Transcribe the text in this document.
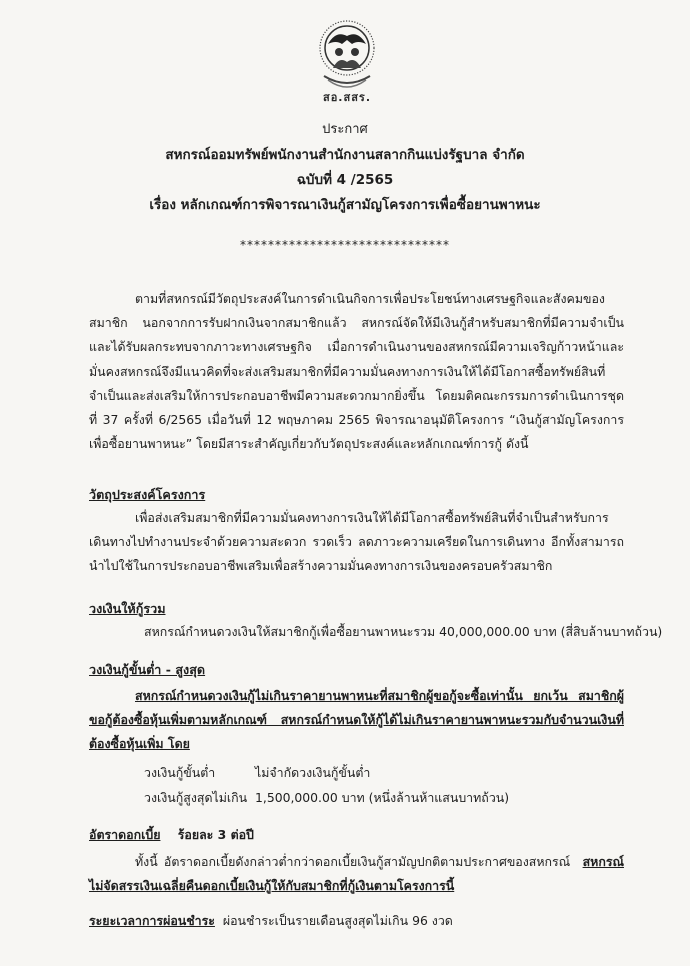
สอ.สสร.
ประกาศ
สหกรณ์ออมทรัพย์พนักงานสำนักงานสลากกินแบ่งรัฐบาล จำกัด
ฉบับที่ 4 /2565
เรื่อง หลักเกณฑ์การพิจารณาเงินกู้สามัญโครงการเพื่อซื้อยานพาหนะ
******************************
ตามที่สหกรณ์มีวัตถุประสงค์ในการดำเนินกิจการเพื่อประโยชน์ทางเศรษฐกิจและสังคมของสมาชิก นอกจากการรับฝากเงินจากสมาชิกแล้ว สหกรณ์จัดให้มีเงินกู้สำหรับสมาชิกที่มีความจำเป็นและได้รับผลกระทบจากภาวะทางเศรษฐกิจ เมื่อการดำเนินงานของสหกรณ์มีความเจริญก้าวหน้าและมั่นคงสหกรณ์จึงมีแนวคิดที่จะส่งเสริมสมาชิกที่มีความมั่นคงทางการเงินให้ได้มีโอกาสซื้อทรัพย์สินที่จำเป็นและส่งเสริมให้การประกอบอาชีพมีความสะดวกมากยิ่งขึ้น โดยมติคณะกรรมการดำเนินการชุดที่ 37 ครั้งที่ 6/2565 เมื่อวันที่ 12 พฤษภาคม 2565 พิจารณาอนุมัติโครงการ “เงินกู้สามัญโครงการเพื่อซื้อยานพาหนะ” โดยมีสาระสำคัญเกี่ยวกับวัตถุประสงค์และหลักเกณฑ์การกู้ ดังนี้
วัตถุประสงค์โครงการ
เพื่อส่งเสริมสมาชิกที่มีความมั่นคงทางการเงินให้ได้มีโอกาสซื้อทรัพย์สินที่จำเป็นสำหรับการเดินทางไปทำงานประจำด้วยความสะดวก รวดเร็ว ลดภาวะความเครียดในการเดินทาง อีกทั้งสามารถนำไปใช้ในการประกอบอาชีพเสริมเพื่อสร้างความมั่นคงทางการเงินของครอบครัวสมาชิก
วงเงินให้กู้รวม
สหกรณ์กำหนดวงเงินให้สมาชิกกู้เพื่อซื้อยานพาหนะรวม 40,000,000.00 บาท (สี่สิบล้านบาทถ้วน)
วงเงินกู้ขั้นต่ำ - สูงสุด
สหกรณ์กำหนดวงเงินกู้ไม่เกินราคายานพาหนะที่สมาชิกผู้ขอกู้จะซื้อเท่านั้น ยกเว้น สมาชิกผู้ขอกู้ต้องซื้อหุ้นเพิ่มตามหลักเกณฑ์ สหกรณ์กำหนดให้กู้ได้ไม่เกินราคายานพาหนะรวมกับจำนวนเงินที่ต้องซื้อหุ้นเพิ่ม โดย
วงเงินกู้ขั้นต่ำ	ไม่จำกัดวงเงินกู้ขั้นต่ำ
วงเงินกู้สูงสุดไม่เกิน 1,500,000.00 บาท (หนึ่งล้านห้าแสนบาทถ้วน)
อัตราดอกเบี้ย ร้อยละ 3 ต่อปี
ทั้งนี้ อัตราดอกเบี้ยดังกล่าวต่ำกว่าดอกเบี้ยเงินกู้สามัญปกติตามประกาศของสหกรณ์ สหกรณ์ไม่จัดสรรเงินเฉลี่ยคืนดอกเบี้ยเงินกู้ให้กับสมาชิกที่กู้เงินตามโครงการนี้
ระยะเวลาการผ่อนชำระ ผ่อนชำระเป็นรายเดือนสูงสุดไม่เกิน 96 งวด
